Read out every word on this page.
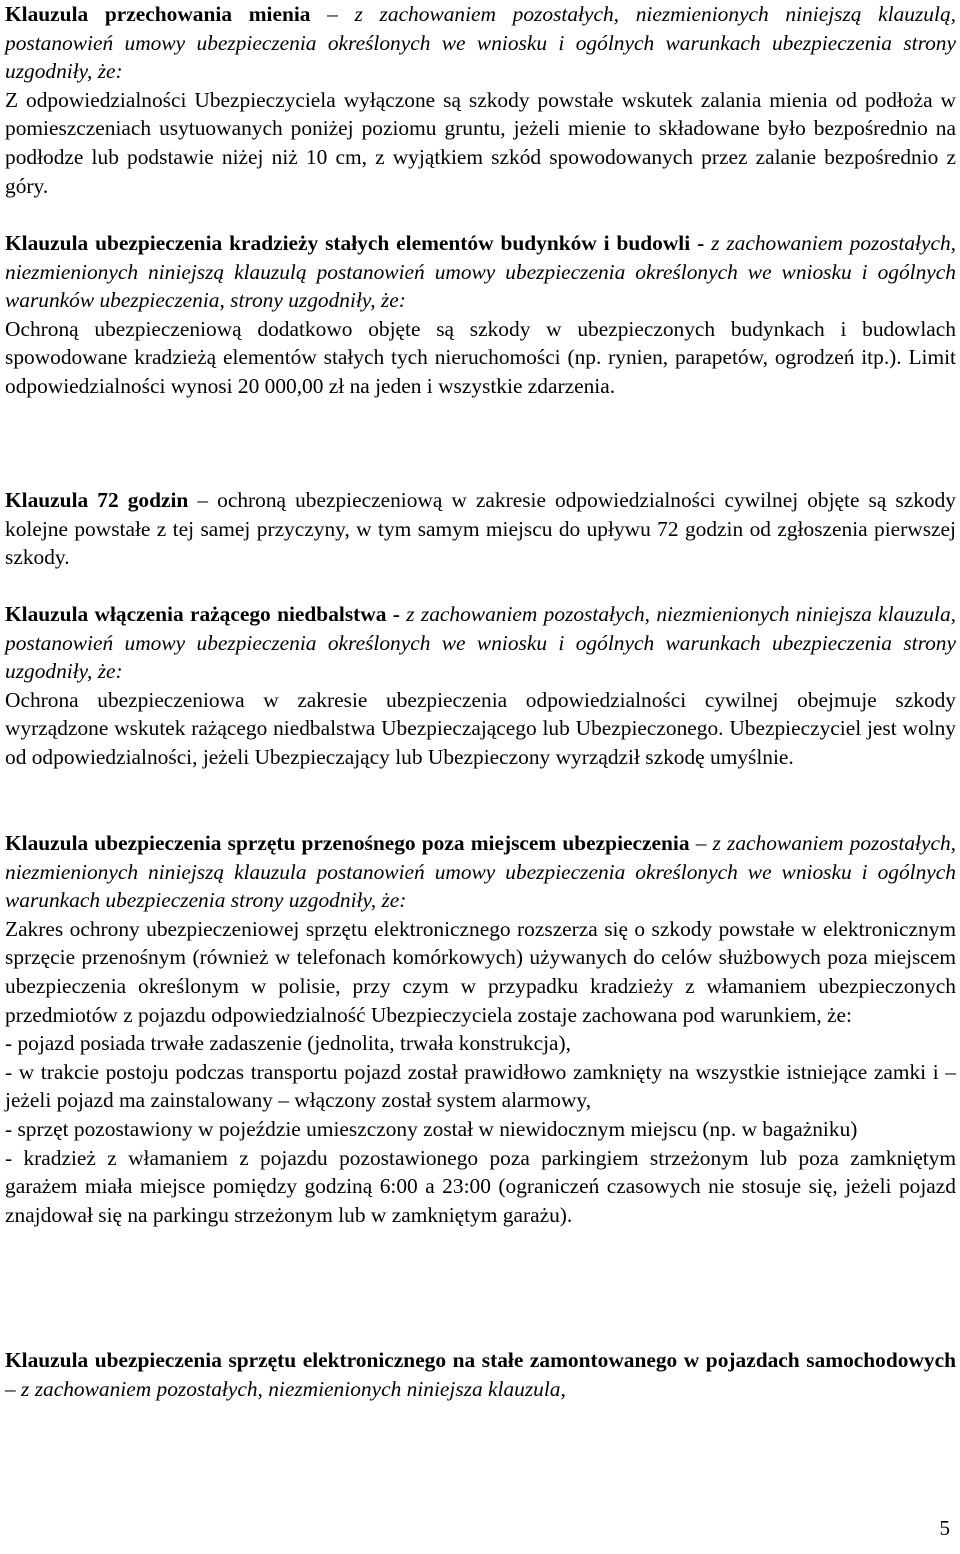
Klauzula przechowania mienia – z zachowaniem pozostałych, niezmienionych niniejszą klauzulą, postanowień umowy ubezpieczenia określonych we wniosku i ogólnych warunkach ubezpieczenia strony uzgodniły, że:

Z odpowiedzialności Ubezpieczyciela wyłączone są szkody powstałe wskutek zalania mienia od podłoża w pomieszczeniach usytuowanych poniżej poziomu gruntu, jeżeli mienie to składowane było bezpośrednio na podłodze lub podstawie niżej niż 10 cm, z wyjątkiem szkód spowodowanych przez zalanie bezpośrednio z góry.

Klauzula ubezpieczenia kradzieży stałych elementów budynków i budowli - z zachowaniem pozostałych, niezmienionych niniejszą klauzulą postanowień umowy ubezpieczenia określonych we wniosku i ogólnych warunków ubezpieczenia, strony uzgodniły, że:

Ochroną ubezpieczeniową dodatkowo objęte są szkody w ubezpieczonych budynkach i budowlach spowodowane kradzieżą elementów stałych tych nieruchomości (np. rynien, parapetów, ogrodzeń itp.). Limit odpowiedzialności wynosi 20 000,00 zł na jeden i wszystkie zdarzenia.

Klauzula 72 godzin – ochroną ubezpieczeniową w zakresie odpowiedzialności cywilnej objęte są szkody kolejne powstałe z tej samej przyczyny, w tym samym miejscu do upływu 72 godzin od zgłoszenia pierwszej szkody.

Klauzula włączenia rażącego niedbalstwa - z zachowaniem pozostałych, niezmienionych niniejsza klauzula, postanowień umowy ubezpieczenia określonych we wniosku i ogólnych warunkach ubezpieczenia strony uzgodniły, że:

Ochrona ubezpieczeniowa w zakresie ubezpieczenia odpowiedzialności cywilnej obejmuje szkody wyrządzone wskutek rażącego niedbalstwa Ubezpieczającego lub Ubezpieczonego. Ubezpieczyciel jest wolny od odpowiedzialności, jeżeli Ubezpieczający lub Ubezpieczony wyrządził szkodę umyślnie.

Klauzula ubezpieczenia sprzętu przenośnego poza miejscem ubezpieczenia – z zachowaniem pozostałych, niezmienionych niniejszą klauzula postanowień umowy ubezpieczenia określonych we wniosku i ogólnych warunkach ubezpieczenia strony uzgodniły, że:

Zakres ochrony ubezpieczeniowej sprzętu elektronicznego rozszerza się o szkody powstałe w elektronicznym sprzęcie przenośnym (również w telefonach komórkowych) używanych do celów służbowych poza miejscem ubezpieczenia określonym w polisie, przy czym w przypadku kradzieży z włamaniem ubezpieczonych przedmiotów z pojazdu odpowiedzialność Ubezpieczyciela zostaje zachowana pod warunkiem, że:

- pojazd posiada trwałe zadaszenie (jednolita, trwała konstrukcja),

- w trakcie postoju podczas transportu pojazd został prawidłowo zamknięty na wszystkie istniejące zamki i – jeżeli pojazd ma zainstalowany – włączony został system alarmowy,

- sprzęt pozostawiony w pojeździe umieszczony został w niewidocznym miejscu (np. w bagażniku)

- kradzież z włamaniem z pojazdu pozostawionego poza parkingiem strzeżonym lub poza zamkniętym garażem miała miejsce pomiędzy godziną 6:00 a 23:00 (ograniczeń czasowych nie stosuje się, jeżeli pojazd znajdował się na parkingu strzeżonym lub w zamkniętym garażu).

Klauzula ubezpieczenia sprzętu elektronicznego na stałe zamontowanego w pojazdach samochodowych – z zachowaniem pozostałych, niezmienionych niniejsza klauzula,

5
